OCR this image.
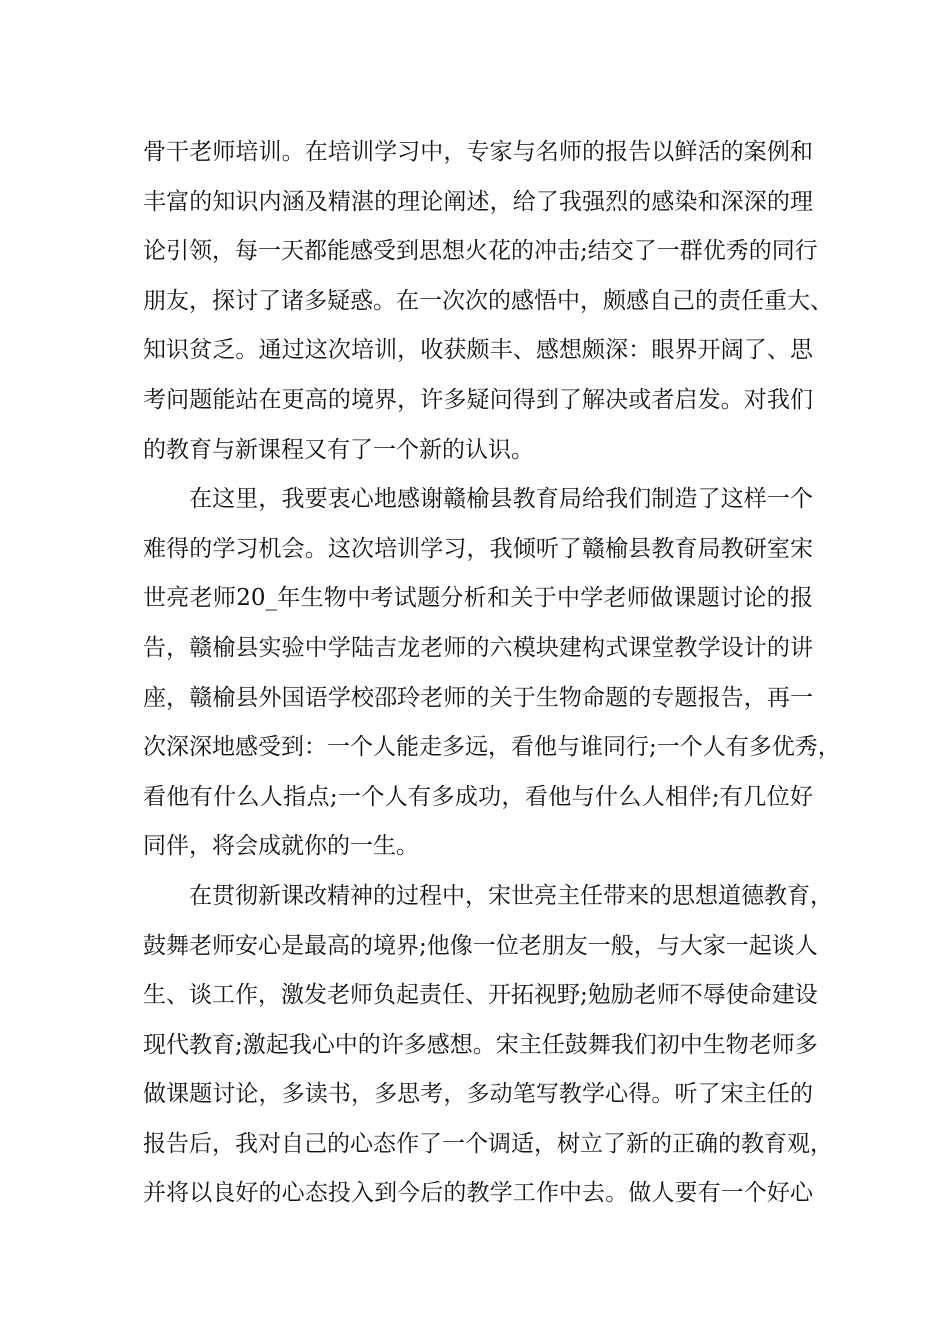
骨干老师培训。在培训学习中，专家与名师的报告以鲜活的案例和
丰富的知识内涵及精湛的理论阐述，给了我强烈的感染和深深的理
论引领，每一天都能感受到思想火花的冲击;结交了一群优秀的同行
朋友，探讨了诸多疑惑。在一次次的感悟中，颇感自己的责任重大、
知识贫乏。通过这次培训，收获颇丰、感想颇深：眼界开阔了、思
考问题能站在更高的境界，许多疑问得到了解决或者启发。对我们
的教育与新课程又有了一个新的认识。
在这里，我要衷心地感谢赣榆县教育局给我们制造了这样一个
难得的学习机会。这次培训学习，我倾听了赣榆县教育局教研室宋
世亮老师20_年生物中考试题分析和关于中学老师做课题讨论的报
告，赣榆县实验中学陆吉龙老师的六模块建构式课堂教学设计的讲
座，赣榆县外国语学校邵玲老师的关于生物命题的专题报告，再一
次深深地感受到：一个人能走多远，看他与谁同行;一个人有多优秀，
看他有什么人指点;一个人有多成功，看他与什么人相伴;有几位好
同伴，将会成就你的一生。
在贯彻新课改精神的过程中，宋世亮主任带来的思想道德教育，
鼓舞老师安心是最高的境界;他像一位老朋友一般，与大家一起谈人
生、谈工作，激发老师负起责任、开拓视野;勉励老师不辱使命建设
现代教育;激起我心中的许多感想。宋主任鼓舞我们初中生物老师多
做课题讨论，多读书，多思考，多动笔写教学心得。听了宋主任的
报告后，我对自己的心态作了一个调适，树立了新的正确的教育观，
并将以良好的心态投入到今后的教学工作中去。做人要有一个好心
